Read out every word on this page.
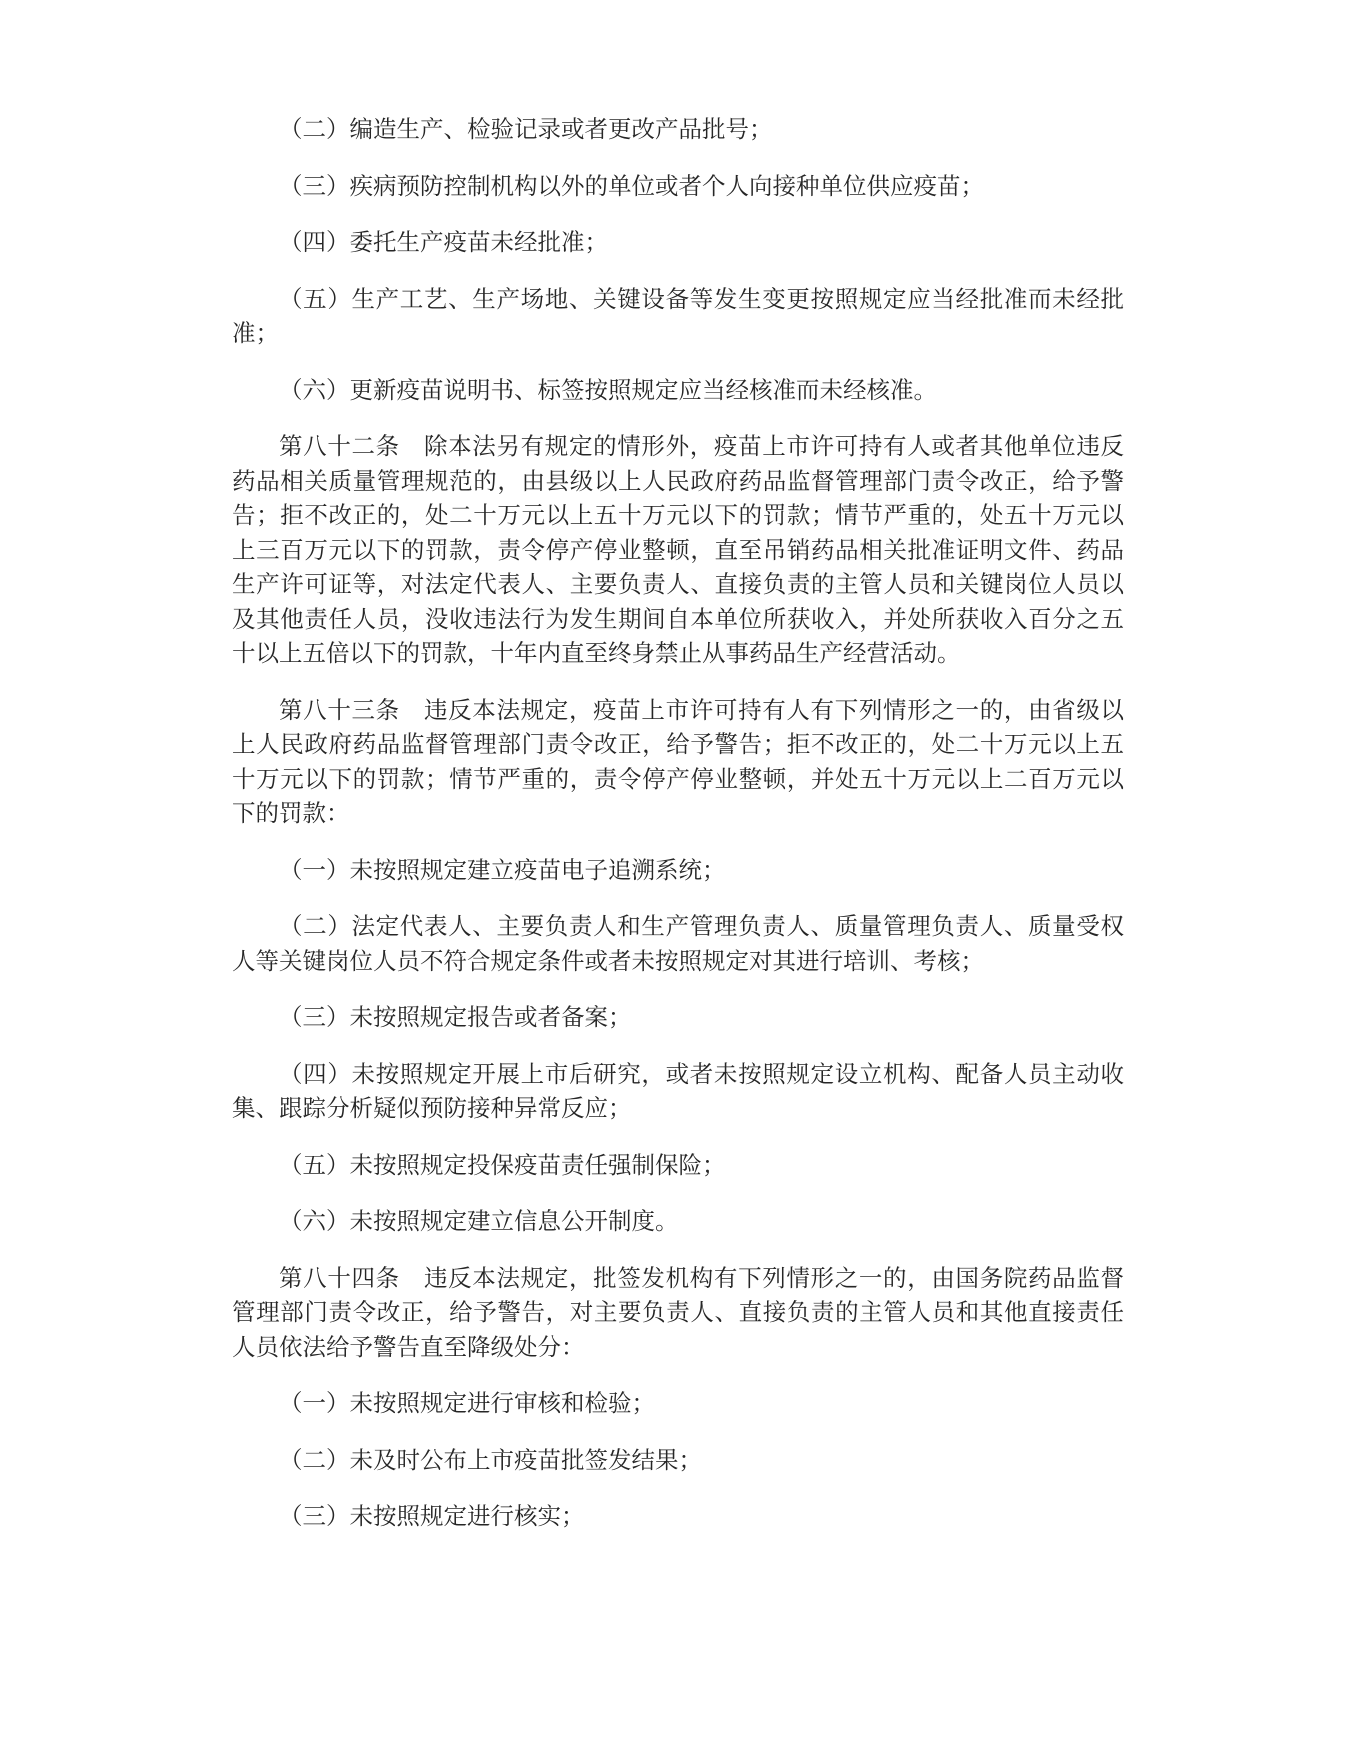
（二）编造生产、检验记录或者更改产品批号；

（三）疾病预防控制机构以外的单位或者个人向接种单位供应疫苗；

（四）委托生产疫苗未经批准；

（五）生产工艺、生产场地、关键设备等发生变更按照规定应当经批准而未经批准；

（六）更新疫苗说明书、标签按照规定应当经核准而未经核准。

第八十二条 除本法另有规定的情形外，疫苗上市许可持有人或者其他单位违反药品相关质量管理规范的，由县级以上人民政府药品监督管理部门责令改正，给予警告；拒不改正的，处二十万元以上五十万元以下的罚款；情节严重的，处五十万元以上三百万元以下的罚款，责令停产停业整顿，直至吊销药品相关批准证明文件、药品生产许可证等，对法定代表人、主要负责人、直接负责的主管人员和关键岗位人员以及其他责任人员，没收违法行为发生期间自本单位所获收入，并处所获收入百分之五十以上五倍以下的罚款，十年内直至终身禁止从事药品生产经营活动。

第八十三条 违反本法规定，疫苗上市许可持有人有下列情形之一的，由省级以上人民政府药品监督管理部门责令改正，给予警告；拒不改正的，处二十万元以上五十万元以下的罚款；情节严重的，责令停产停业整顿，并处五十万元以上二百万元以下的罚款：

（一）未按照规定建立疫苗电子追溯系统；

（二）法定代表人、主要负责人和生产管理负责人、质量管理负责人、质量受权人等关键岗位人员不符合规定条件或者未按照规定对其进行培训、考核；

（三）未按照规定报告或者备案；

（四）未按照规定开展上市后研究，或者未按照规定设立机构、配备人员主动收集、跟踪分析疑似预防接种异常反应；

（五）未按照规定投保疫苗责任强制保险；

（六）未按照规定建立信息公开制度。

第八十四条 违反本法规定，批签发机构有下列情形之一的，由国务院药品监督管理部门责令改正，给予警告，对主要负责人、直接负责的主管人员和其他直接责任人员依法给予警告直至降级处分：

（一）未按照规定进行审核和检验；

（二）未及时公布上市疫苗批签发结果；

（三）未按照规定进行核实；
